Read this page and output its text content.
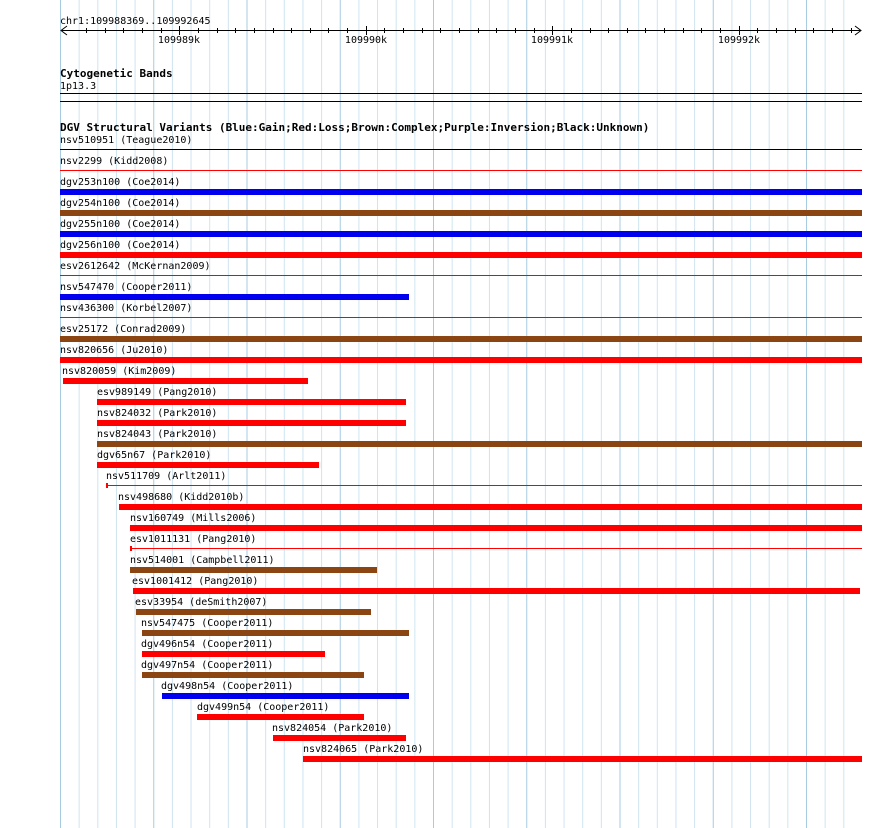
chr1:109988369..109992645
109989k	109990k	109991k	109992k
Cytogenetic Bands
1p13.3
DGV Structural Variants (Blue:Gain;Red:Loss;Brown:Complex;Purple:Inversion;Black:Unknown)
nsv510951 (Teague2010)
nsv2299 (Kidd2008)
dgv253n100 (Coe2014)
dgv254n100 (Coe2014)
dgv255n100 (Coe2014)
dgv256n100 (Coe2014)
esv2612642 (McKernan2009)
nsv547470 (Cooper2011)
nsv436300 (Korbel2007)
esv25172 (Conrad2009)
nsv820656 (Ju2010)
nsv820059 (Kim2009)
esv989149 (Pang2010)
nsv824032 (Park2010)
nsv824043 (Park2010)
dgv65n67 (Park2010)
nsv511709 (Arlt2011)
nsv498680 (Kidd2010b)
nsv160749 (Mills2006)
esv1011131 (Pang2010)
nsv514001 (Campbell2011)
esv1001412 (Pang2010)
esv33954 (deSmith2007)
nsv547475 (Cooper2011)
dgv496n54 (Cooper2011)
dgv497n54 (Cooper2011)
dgv498n54 (Cooper2011)
dgv499n54 (Cooper2011)
nsv824054 (Park2010)
nsv824065 (Park2010)
